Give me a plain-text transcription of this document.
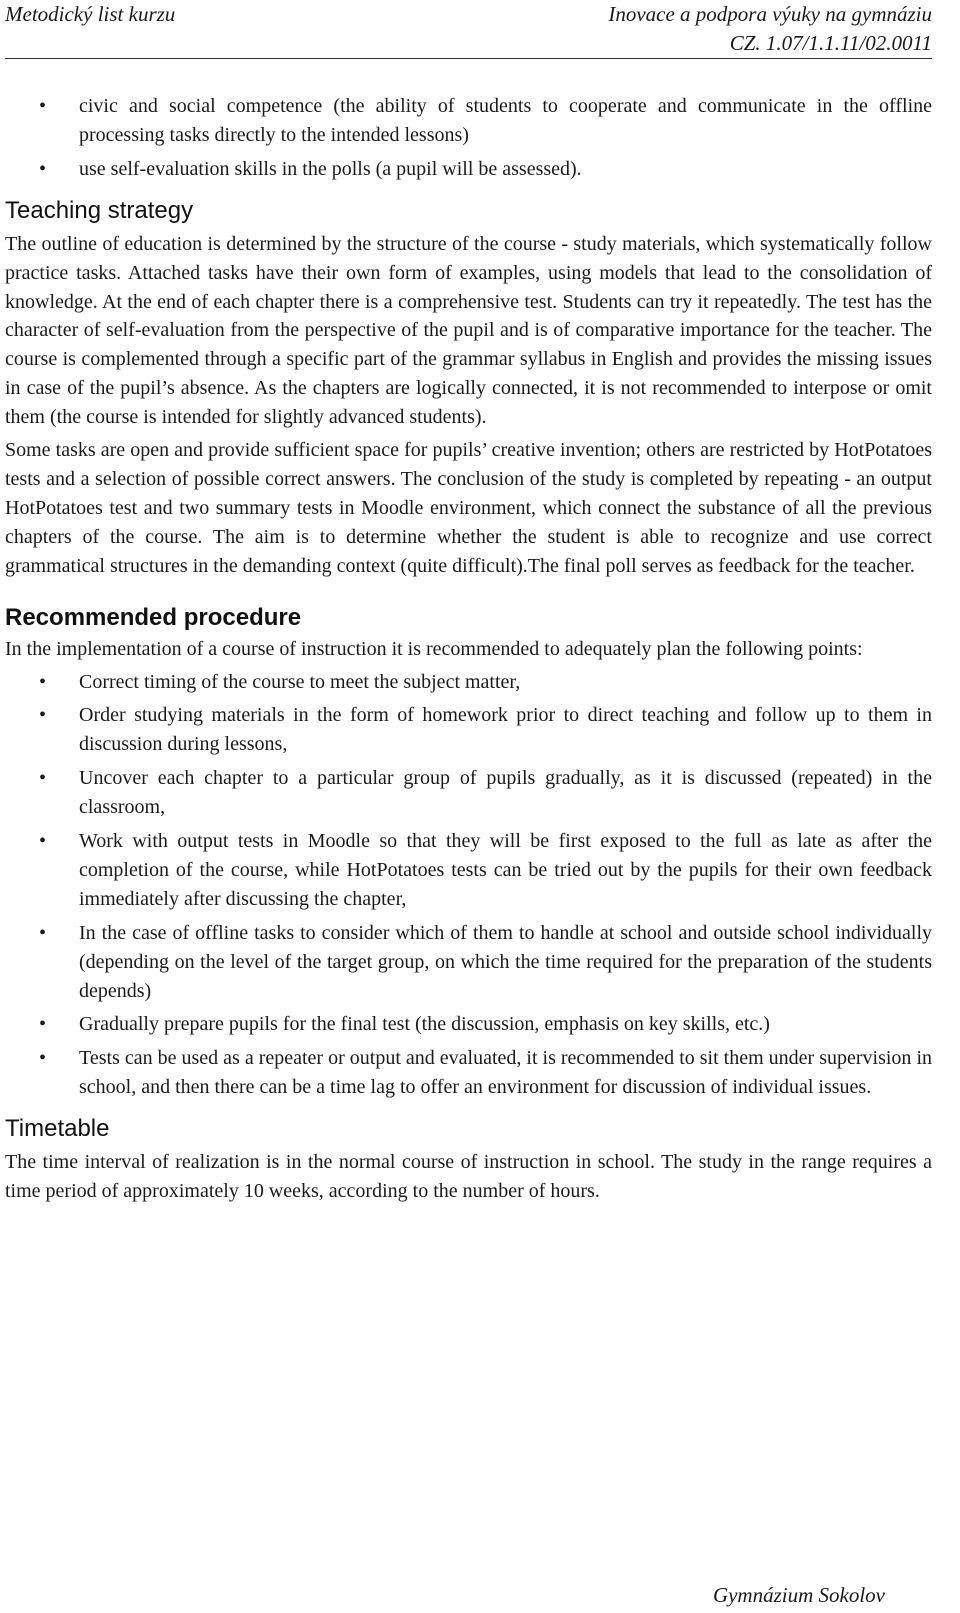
Metodický list kurzu	Inovace a podpora výuky na gymnáziu
CZ. 1.07/1.1.11/02.0011
• civic and social competence (the ability of students to cooperate and communicate in the offline processing tasks directly to the intended lessons)
• use self-evaluation skills in the polls (a pupil will be assessed).
Teaching strategy

The outline of education is determined by the structure of the course - study materials, which systematically follow practice tasks. Attached tasks have their own form of examples, using models that lead to the consolidation of knowledge. At the end of each chapter there is a comprehensive test. Students can try it repeatedly. The test has the character of self-evaluation from the perspective of the pupil and is of comparative importance for the teacher. The course is complemented through a specific part of the grammar syllabus in English and provides the missing issues in case of the pupil’s absence. As the chapters are logically connected, it is not recommended to interpose or omit them (the course is intended for slightly advanced students).

Some tasks are open and provide sufficient space for pupils’ creative invention; others are restricted by HotPotatoes tests and a selection of possible correct answers. The conclusion of the study is completed by repeating - an output HotPotatoes test and two summary tests in Moodle environment, which connect the substance of all the previous chapters of the course. The aim is to determine whether the student is able to recognize and use correct grammatical structures in the demanding context (quite difficult).The final poll serves as feedback for the teacher.

Recommended procedure

In the implementation of a course of instruction it is recommended to adequately plan the following points:

• Correct timing of the course to meet the subject matter,
• Order studying materials in the form of homework prior to direct teaching and follow up to them in discussion during lessons,
• Uncover each chapter to a particular group of pupils gradually, as it is discussed (repeated) in the classroom,
• Work with output tests in Moodle so that they will be first exposed to the full as late as after the completion of the course, while HotPotatoes tests can be tried out by the pupils for their own feedback immediately after discussing the chapter,
• In the case of offline tasks to consider which of them to handle at school and outside school individually (depending on the level of the target group, on which the time required for the preparation of the students depends)
• Gradually prepare pupils for the final test (the discussion, emphasis on key skills, etc.)
• Tests can be used as a repeater or output and evaluated, it is recommended to sit them under supervision in school, and then there can be a time lag to offer an environment for discussion of individual issues.
Timetable

The time interval of realization is in the normal course of instruction in school. The study in the range requires a time period of approximately 10 weeks, according to the number of hours.

Gymnázium Sokolov
